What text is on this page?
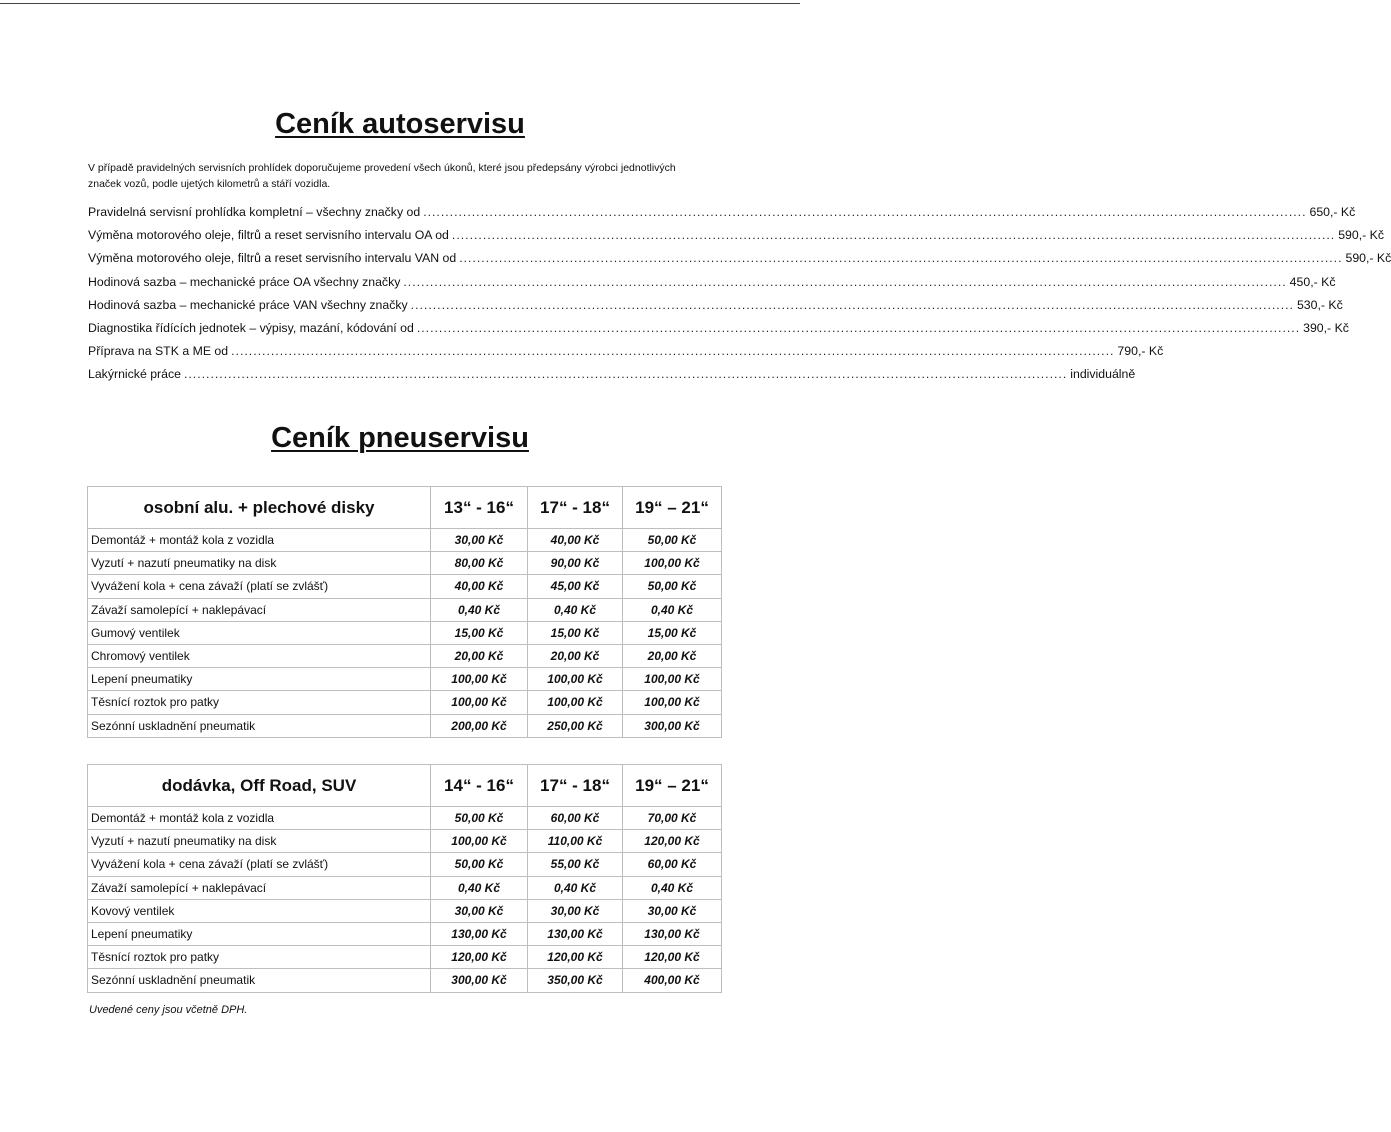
Ceník autoservisu
V případě pravidelných servisních prohlídek doporučujeme provedení všech úkonů, které jsou předepsány výrobci jednotlivých značek vozů, podle ujetých kilometrů a stáří vozidla.
Pravidelná servisní prohlídka kompletní – všechny značky od ........................................................................................................................................................................................................ 650,- Kč
Výměna motorového oleje, filtrů a reset servisního intervalu OA od ........................................................................................................................................................................................................ 590,- Kč
Výměna motorového oleje, filtrů a reset servisního intervalu VAN od ........................................................................................................................................................................................................ 590,- Kč
Hodinová sazba – mechanické práce OA všechny značky ........................................................................................................................................................................................................ 450,- Kč
Hodinová sazba – mechanické práce VAN všechny značky ........................................................................................................................................................................................................ 530,- Kč
Diagnostika řídících jednotek – výpisy, mazání, kódování od ........................................................................................................................................................................................................ 390,- Kč
Příprava na STK a ME od ........................................................................................................................................................................................................ 790,- Kč
Lakýrnické práce ........................................................................................................................................................................................................ individuálně
Ceník pneuservisu
osobní alu. + plechové disky	13“ - 16“	17“ - 18“	19“ – 21“
Demontáž + montáž kola z vozidla	30,00 Kč	40,00 Kč	50,00 Kč
Vyzutí + nazutí pneumatiky na disk	80,00 Kč	90,00 Kč	100,00 Kč
Vyvážení kola + cena závaží (platí se zvlášť)	40,00 Kč	45,00 Kč	50,00 Kč
Závaží samolepící + naklepávací	0,40 Kč	0,40 Kč	0,40 Kč
Gumový ventilek	15,00 Kč	15,00 Kč	15,00 Kč
Chromový ventilek	20,00 Kč	20,00 Kč	20,00 Kč
Lepení pneumatiky	100,00 Kč	100,00 Kč	100,00 Kč
Těsnící roztok pro patky	100,00 Kč	100,00 Kč	100,00 Kč
Sezónní uskladnění pneumatik	200,00 Kč	250,00 Kč	300,00 Kč
dodávka, Off Road, SUV	14“ - 16“	17“ - 18“	19“ – 21“
Demontáž + montáž kola z vozidla	50,00 Kč	60,00 Kč	70,00 Kč
Vyzutí + nazutí pneumatiky na disk	100,00 Kč	110,00 Kč	120,00 Kč
Vyvážení kola + cena závaží (platí se zvlášť)	50,00 Kč	55,00 Kč	60,00 Kč
Závaží samolepící + naklepávací	0,40 Kč	0,40 Kč	0,40 Kč
Kovový ventilek	30,00 Kč	30,00 Kč	30,00 Kč
Lepení pneumatiky	130,00 Kč	130,00 Kč	130,00 Kč
Těsnící roztok pro patky	120,00 Kč	120,00 Kč	120,00 Kč
Sezónní uskladnění pneumatik	300,00 Kč	350,00 Kč	400,00 Kč
Uvedené ceny jsou včetně DPH.
